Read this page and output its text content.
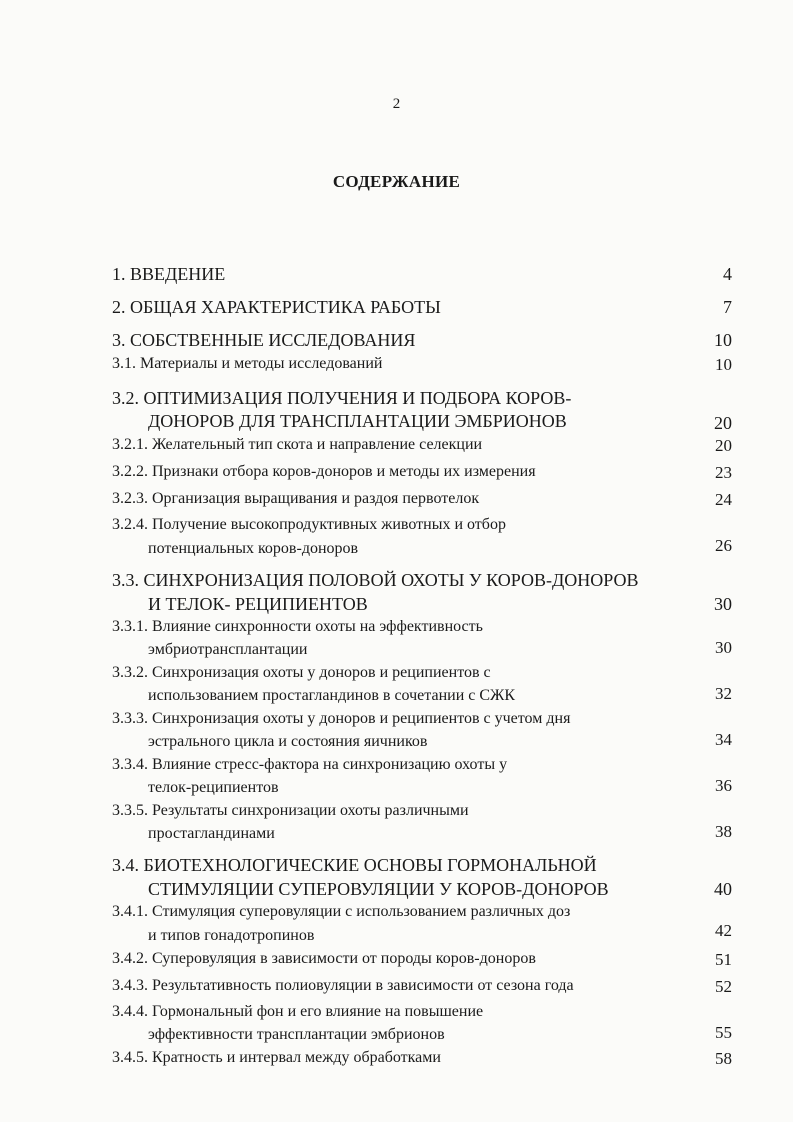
2
СОДЕРЖАНИЕ
1. ВВЕДЕНИЕ	4
2. ОБЩАЯ ХАРАКТЕРИСТИКА РАБОТЫ	7
3. СОБСТВЕННЫЕ ИССЛЕДОВАНИЯ	10
3.1. Материалы и методы исследований	10
3.2. ОПТИМИЗАЦИЯ ПОЛУЧЕНИЯ И ПОДБОРА КОРОВ-
ДОНОРОВ ДЛЯ ТРАНСПЛАНТАЦИИ ЭМБРИОНОВ	20
3.2.1. Желательный тип скота и направление селекции	20
3.2.2. Признаки отбора коров-доноров и методы их измерения	23
3.2.3. Организация выращивания и раздоя первотелок	24
3.2.4. Получение высокопродуктивных животных и отбор
потенциальных коров-доноров	26
3.3. СИНХРОНИЗАЦИЯ ПОЛОВОЙ ОХОТЫ У КОРОВ-ДОНОРОВ
И ТЕЛОК- РЕЦИПИЕНТОВ	30
3.3.1. Влияние синхронности охоты на эффективность
эмбриотрансплантации	30
3.3.2. Синхронизация охоты у доноров и реципиентов с
использованием простагландинов в сочетании с СЖК	32
3.3.3. Синхронизация охоты у доноров и реципиентов с учетом дня
эстрального цикла и состояния яичников	34
3.3.4. Влияние стресс-фактора на синхронизацию охоты у
телок-реципиентов	36
3.3.5. Результаты синхронизации охоты различными
простагландинами	38
3.4. БИОТЕХНОЛОГИЧЕСКИЕ ОСНОВЫ ГОРМОНАЛЬНОЙ
СТИМУЛЯЦИИ СУПЕРОВУЛЯЦИИ У КОРОВ-ДОНОРОВ	40
3.4.1. Стимуляция суперовуляции с использованием различных доз
и типов гонадотропинов	42
3.4.2. Суперовуляция в зависимости от породы коров-доноров	51
3.4.3. Результативность полиовуляции в зависимости от сезона года	52
3.4.4. Гормональный фон и его влияние на повышение
эффективности трансплантации эмбрионов	55
3.4.5. Кратность и интервал между обработками	58
